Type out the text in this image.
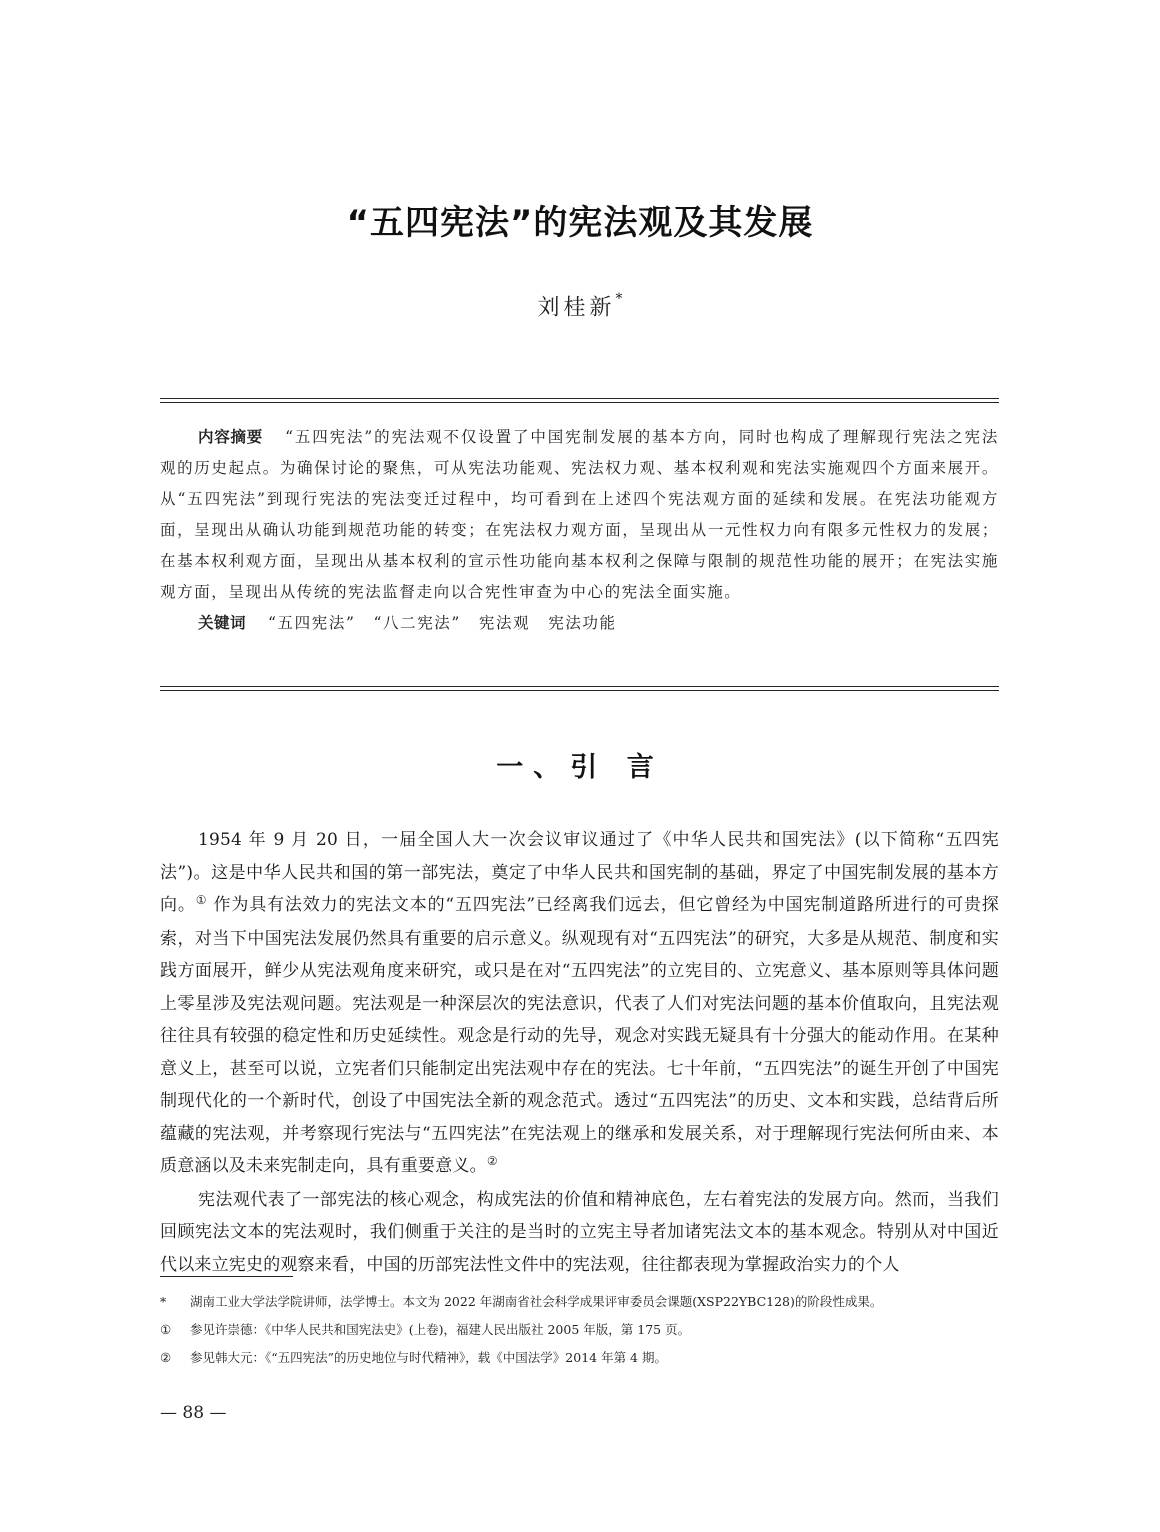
“五四宪法”的宪法观及其发展
刘桂新*

内容摘要 “五四宪法”的宪法观不仅设置了中国宪制发展的基本方向，同时也构成了理解现行宪法之宪法观的历史起点。为确保讨论的聚焦，可从宪法功能观、宪法权力观、基本权利观和宪法实施观四个方面来展开。从“五四宪法”到现行宪法的宪法变迁过程中，均可看到在上述四个宪法观方面的延续和发展。在宪法功能观方面，呈现出从确认功能到规范功能的转变；在宪法权力观方面，呈现出从一元性权力向有限多元性权力的发展；在基本权利观方面，呈现出从基本权利的宣示性功能向基本权利之保障与限制的规范性功能的展开；在宪法实施观方面，呈现出从传统的宪法监督走向以合宪性审查为中心的宪法全面实施。

关键词 “五四宪法” “八二宪法” 宪法观 宪法功能

一、引 言

1954 年 9 月 20 日，一届全国人大一次会议审议通过了《中华人民共和国宪法》(以下简称“五四宪法”)。这是中华人民共和国的第一部宪法，奠定了中华人民共和国宪制的基础，界定了中国宪制发展的基本方向。① 作为具有法效力的宪法文本的“五四宪法”已经离我们远去，但它曾经为中国宪制道路所进行的可贵探索，对当下中国宪法发展仍然具有重要的启示意义。纵观现有对“五四宪法”的研究，大多是从规范、制度和实践方面展开，鲜少从宪法观角度来研究，或只是在对“五四宪法”的立宪目的、立宪意义、基本原则等具体问题上零星涉及宪法观问题。宪法观是一种深层次的宪法意识，代表了人们对宪法问题的基本价值取向，且宪法观往往具有较强的稳定性和历史延续性。观念是行动的先导，观念对实践无疑具有十分强大的能动作用。在某种意义上，甚至可以说，立宪者们只能制定出宪法观中存在的宪法。七十年前，“五四宪法”的诞生开创了中国宪制现代化的一个新时代，创设了中国宪法全新的观念范式。透过“五四宪法”的历史、文本和实践，总结背后所蕴藏的宪法观，并考察现行宪法与“五四宪法”在宪法观上的继承和发展关系，对于理解现行宪法何所由来、本质意涵以及未来宪制走向，具有重要意义。②

宪法观代表了一部宪法的核心观念，构成宪法的价值和精神底色，左右着宪法的发展方向。然而，当我们回顾宪法文本的宪法观时，我们侧重于关注的是当时的立宪主导者加诸宪法文本的基本观念。特别从对中国近代以来立宪史的观察来看，中国的历部宪法性文件中的宪法观，往往都表现为掌握政治实力的个人

* 湖南工业大学法学院讲师，法学博士。本文为 2022 年湖南省社会科学成果评审委员会课题(XSP22YBC128)的阶段性成果。
① 参见许崇德：《中华人民共和国宪法史》(上卷)，福建人民出版社 2005 年版，第 175 页。
② 参见韩大元：《“五四宪法”的历史地位与时代精神》，载《中国法学》2014 年第 4 期。
— 88 —
